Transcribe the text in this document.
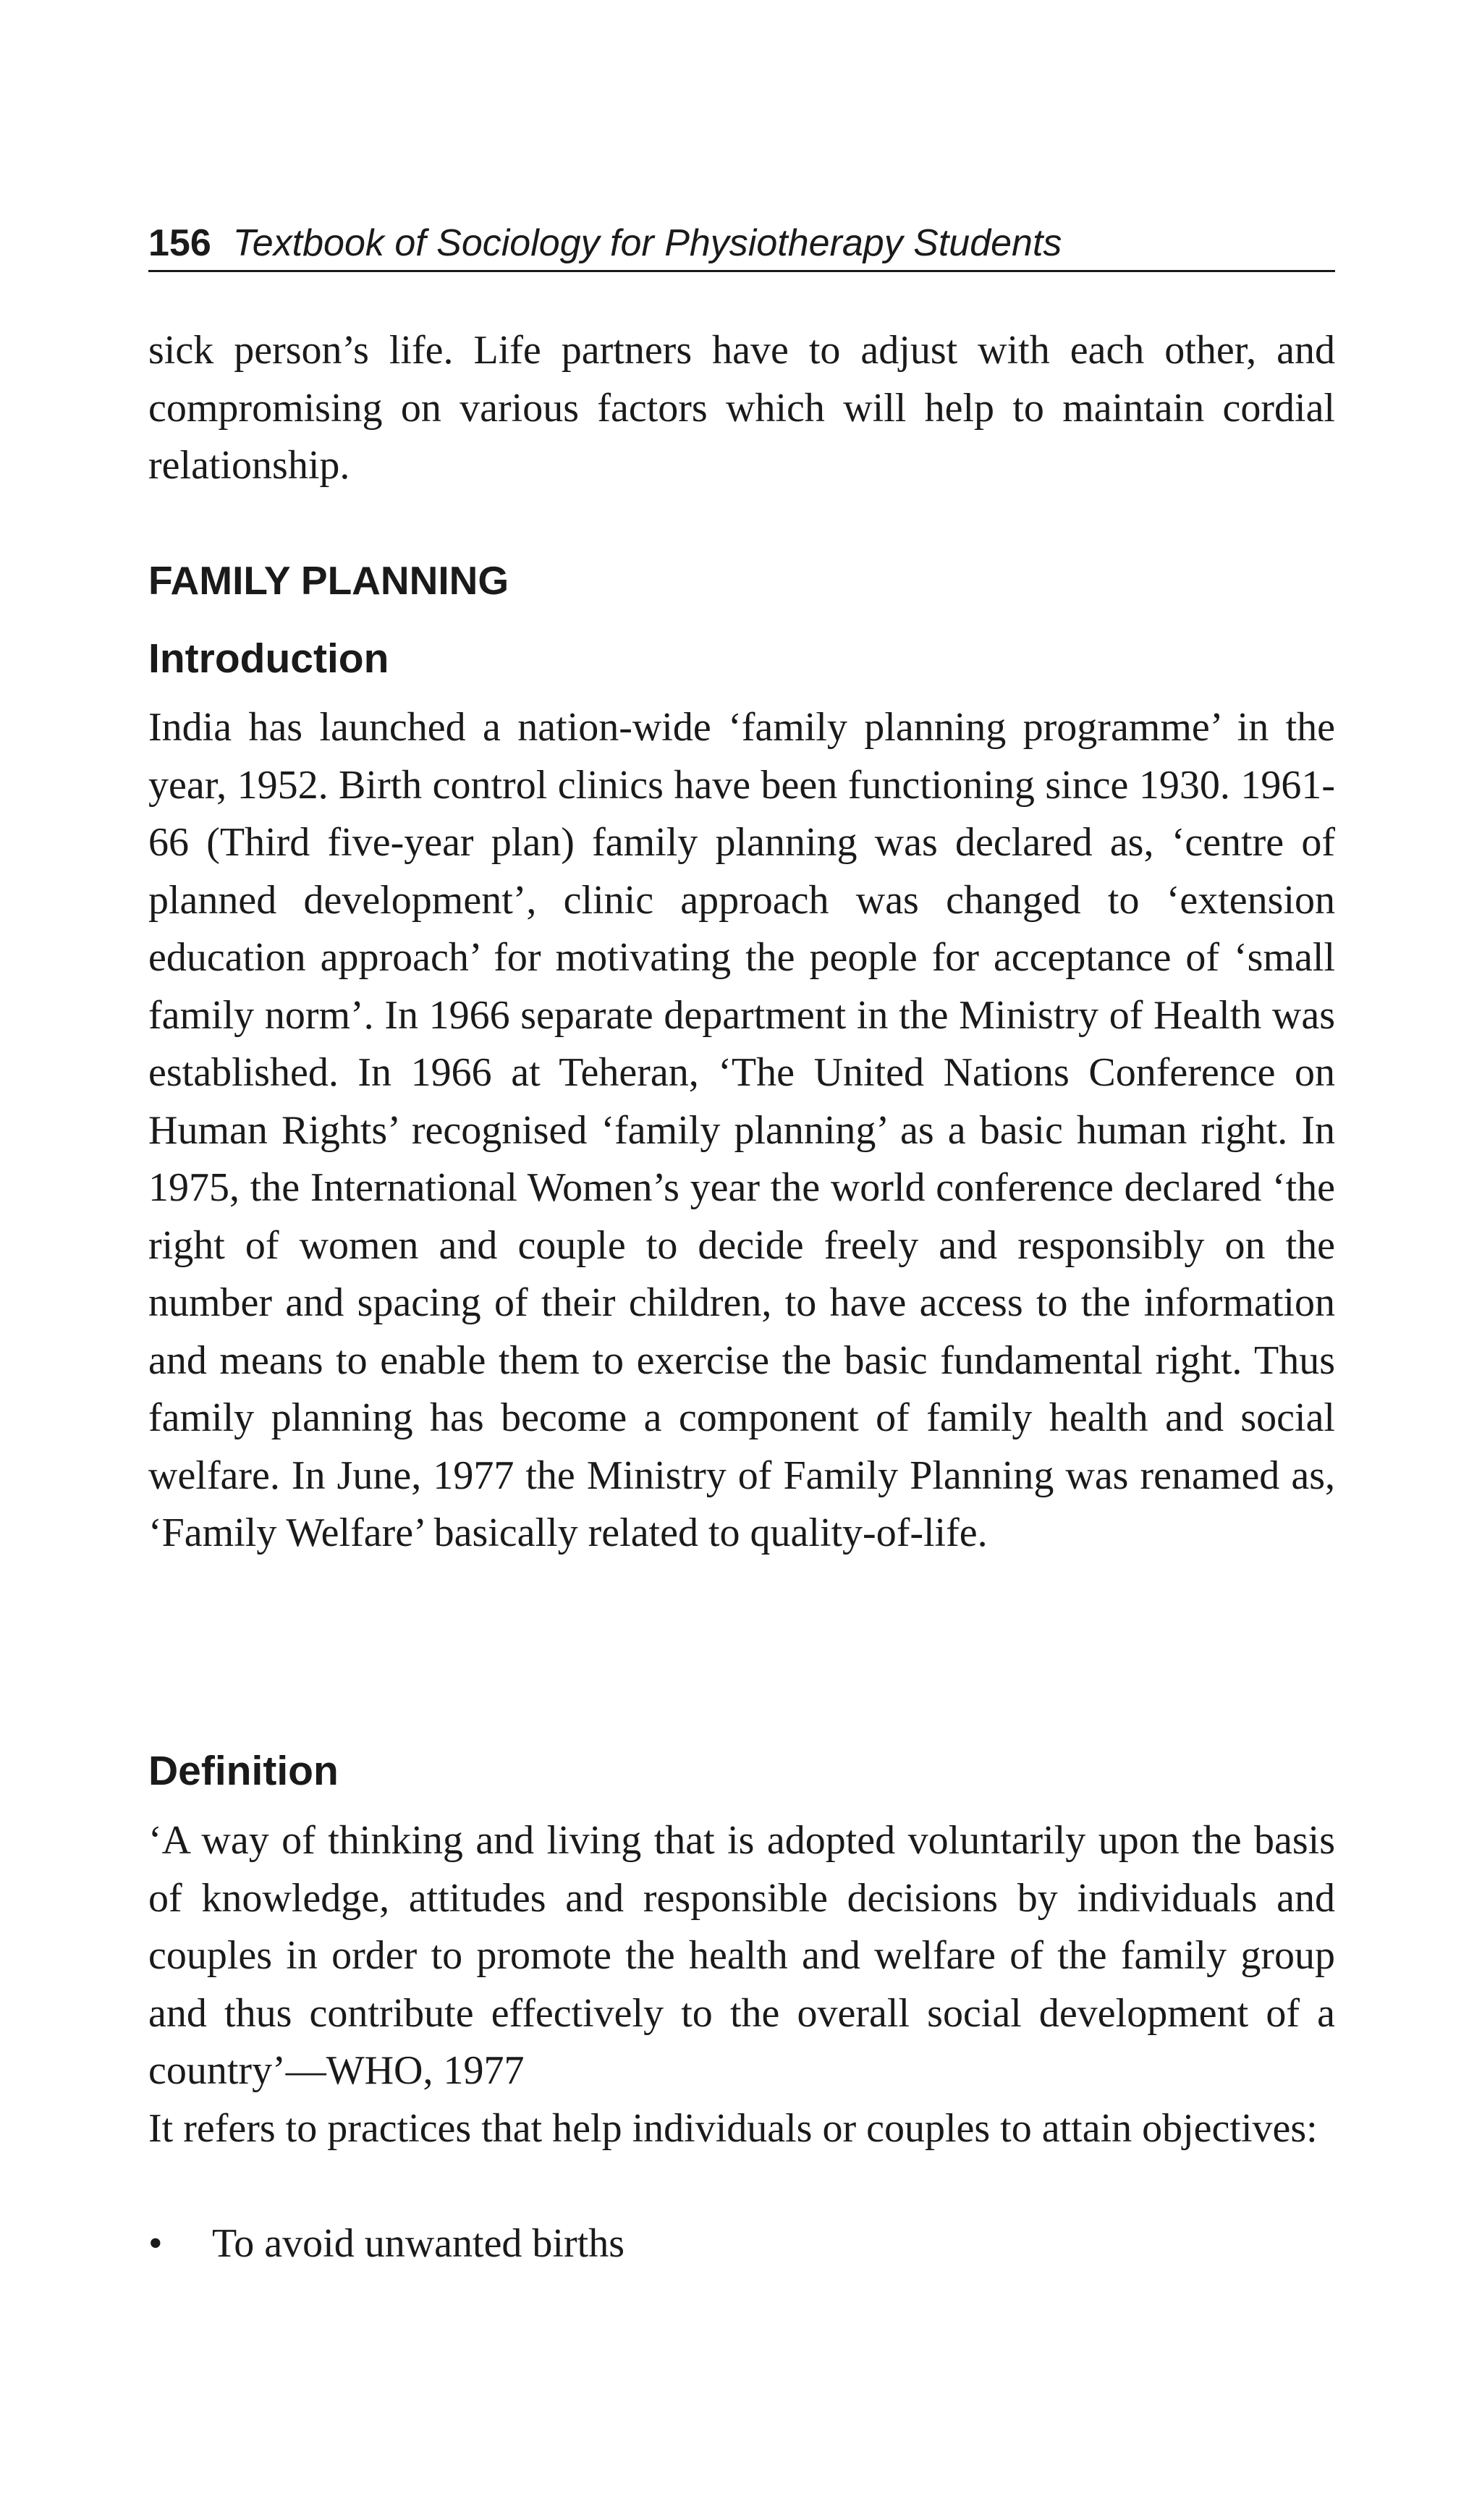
156 Textbook of Sociology for Physiotherapy Students

sick person’s life. Life partners have to adjust with each other, and compromising on various factors which will help to maintain cordial relationship.

FAMILY PLANNING
Introduction

India has launched a nation-wide ‘family planning programme’ in the year, 1952. Birth control clinics have been functioning since 1930. 1961-66 (Third five-year plan) family planning was declared as, ‘centre of planned development’, clinic approach was changed to ‘extension education approach’ for motivating the people for acceptance of ‘small family norm’. In 1966 separate department in the Ministry of Health was established. In 1966 at Teheran, ‘The United Nations Conference on Human Rights’ recognised ‘family planning’ as a basic human right. In 1975, the International Women’s year the world conference declared ‘the right of women and couple to decide freely and responsibly on the number and spacing of their children, to have access to the information and means to enable them to exercise the basic fundamental right. Thus family planning has become a component of family health and social welfare. In June, 1977 the Ministry of Family Planning was renamed as, ‘Family Welfare’ basically related to quality-of-life.

Definition

‘A way of thinking and living that is adopted voluntarily upon the basis of knowledge, attitudes and responsible decisions by individuals and couples in order to promote the health and welfare of the family group and thus contribute effectively to the overall social development of a country’—WHO, 1977

It refers to practices that help individuals or couples to attain objectives:

• To avoid unwanted births
